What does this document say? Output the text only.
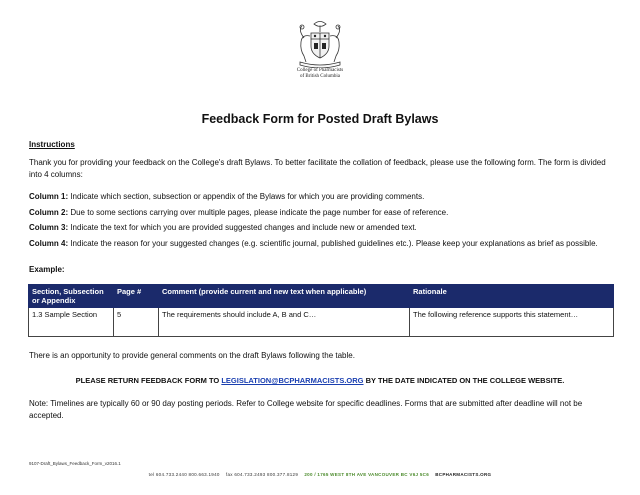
College of Pharmacists
of British Columbia
Feedback Form for Posted Draft Bylaws
Instructions
Thank you for providing your feedback on the College's draft Bylaws. To better facilitate the collation of feedback, please use the following form. The form is divided into 4 columns:
Column 1: Indicate which section, subsection or appendix of the Bylaws for which you are providing comments.
Column 2: Due to some sections carrying over multiple pages, please indicate the page number for ease of reference.
Column 3: Indicate the text for which you are provided suggested changes and include new or amended text.
Column 4: Indicate the reason for your suggested changes (e.g. scientific journal, published guidelines etc.). Please keep your explanations as brief as possible.
Example:
Section, Subsection or Appendix	Page #	Comment (provide current and new text when applicable)	Rationale
1.3 Sample Section	5	The requirements should include A, B and C…	The following reference supports this statement…
There is an opportunity to provide general comments on the draft Bylaws following the table.
PLEASE RETURN FEEDBACK FORM TO LEGISLATION@BCPHARMACISTS.ORG BY THE DATE INDICATED ON THE COLLEGE WEBSITE.
Note: Timelines are typically 60 or 90 day posting periods. Refer to College website for specific deadlines. Forms that are submitted after deadline will not be accepted.
9107-Draft_Bylaws_Feedback_Form_v2016.1
tel 604.733.2440 800.663.1940 fax 604.733.2493 800.377.8129 200 / 1765 WEST 8TH AVE VANCOUVER BC V6J 5C6 BCPHARMACISTS.ORG
